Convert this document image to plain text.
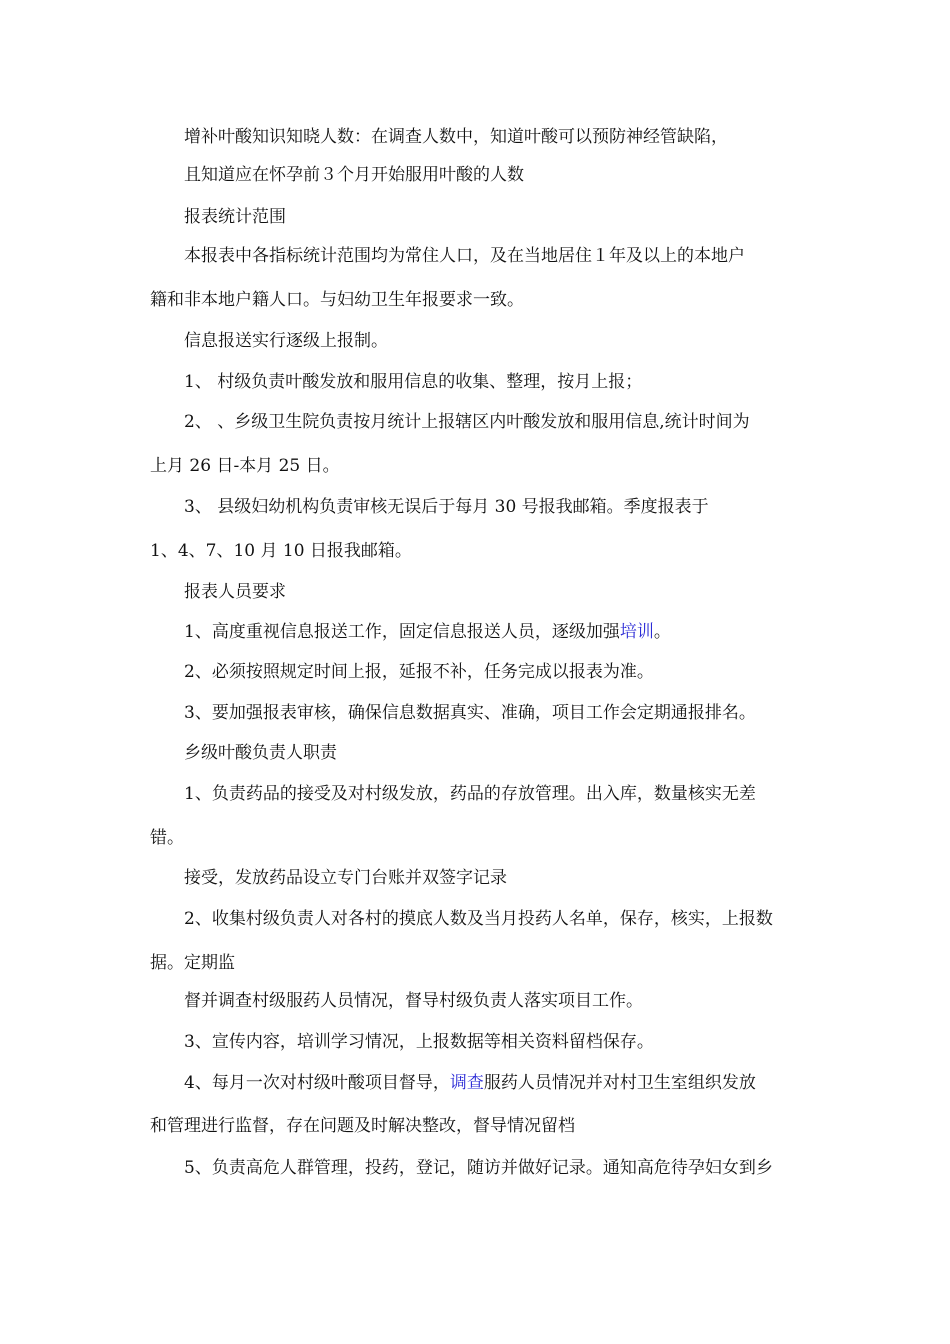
增补叶酸知识知晓人数：在调查人数中，知道叶酸可以预防神经管缺陷，
且知道应在怀孕前３个月开始服用叶酸的人数
报表统计范围
本报表中各指标统计范围均为常住人口，及在当地居住１年及以上的本地户
籍和非本地户籍人口。与妇幼卫生年报要求一致。
信息报送实行逐级上报制。
1、 村级负责叶酸发放和服用信息的收集、整理，按月上报；
2、 、乡级卫生院负责按月统计上报辖区内叶酸发放和服用信息,统计时间为
上月 26 日-本月 25 日。
3、 县级妇幼机构负责审核无误后于每月 30 号报我邮箱。季度报表于
1、4、7、10 月 10 日报我邮箱。
报表人员要求
1、高度重视信息报送工作，固定信息报送人员，逐级加强培训。
2、必须按照规定时间上报，延报不补，任务完成以报表为准。
3、要加强报表审核，确保信息数据真实、准确，项目工作会定期通报排名。
乡级叶酸负责人职责
1、负责药品的接受及对村级发放，药品的存放管理。出入库，数量核实无差
错。
接受，发放药品设立专门台账并双签字记录
2、收集村级负责人对各村的摸底人数及当月投药人名单，保存，核实，上报数
据。定期监
督并调查村级服药人员情况，督导村级负责人落实项目工作。
3、宣传内容，培训学习情况，上报数据等相关资料留档保存。
4、每月一次对村级叶酸项目督导，调查服药人员情况并对村卫生室组织发放
和管理进行监督，存在问题及时解决整改，督导情况留档
5、负责高危人群管理，投药，登记，随访并做好记录。通知高危待孕妇女到乡
